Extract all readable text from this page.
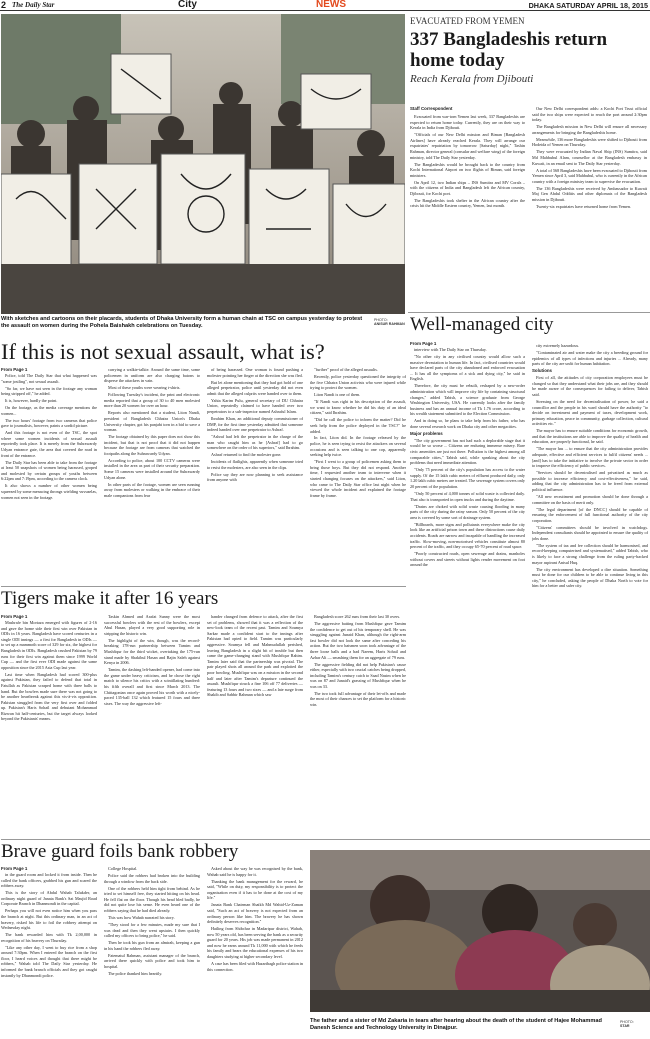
2 The Daily Star	City	NEWS	DHAKA SATURDAY APRIL 18, 2015
With sketches and cartoons on their placards, students of Dhaka University form a human chain at TSC on campus yesterday to protest the assault on women during the Pohela Baishakh celebrations on Tuesday.
PHOTO:
ANISUR RAHMAN
EVACUATED FROM YEMEN
337 Bangladeshis return home today
Reach Kerala from Djibouti
Staff Correspondent

Evacuated from war-torn Yemen last week, 337 Bangladeshis are expected to return home today. Currently, they are on their way to Kerala in India from Djibouti.

"Officials of our New Delhi mission and Biman [Bangladesh Airlines] have already reached Kerala. They will arrange our expatriates' repatriation by tomorrow [Saturday] night," Tashin Rahman, director general (consular and welfare wing) of the foreign ministry, told The Daily Star yesterday.

The Bangladeshis would be brought back to the country from Kochi International Airport on two flights of Biman, said foreign ministers.

On April 12, two Indian ships – INS Sumitra and MV Corals – with the citizens of India and Bangladesh left the African country, Djibouti, for Kochi port.

The Bangladeshis took shelter in the African country after the crisis hit the Middle Eastern country, Yemen, last month.

Our New Delhi correspondent adds: a Kochi Port Trust official said the two ships were expected to reach the port around 2:30pm today.

The Bangladesh mission in New Delhi will ensure all necessary arrangements for bringing the Bangladeshis home.

Meanwhile, 136 more Bangladeshis were shifted to Djibouti from Hodeida of Yemen on Thursday.

They were evacuated by Indian Naval Ship (INS) Sumitra, said Md Mahbubul Alam, counsellor at the Bangladesh embassy in Kuwait, in an email sent to The Daily Star yesterday.

A total of 568 Bangladeshis have been evacuated to Djibouti from Yemen since April 3, said Mahbubul, who is currently in the African country with a foreign ministry team to supervise the evacuation.

The 136 Bangladeshis were received by Ambassador to Kuwait Maj Gen Abdul Odditis and other diplomats of the Bangladesh mission in Djibouti.

Twenty-six expatriates have returned home from Yemen.

Well-managed city
From Page 1

interview with The Daily Star on Thursday.

"No other city in any civilised country would allow such a massive devastation to human life. In fact, civilised countries would have declared parts of the city abandoned and enforced evacuation ... It has all the symptoms of a sick and dying city," he said in English.

Therefore, the city must be rebuilt, reshaped by a new-order administration which will improve city life by containing structural changes," added Tabish, a science graduate from George Washington University, USA. He currently looks after the family business and has an annual income of Tk 1.76 crore, according to his wealth statement submitted to the Election Commission.

And in doing so, he plans to take help from his father, who has done several research work on Dhaka city and other megacities.

Major problems

"The city government has not had such a deplorable stage that it would be so worse ... Citizens are enduring immense misery. Rare civic amenities are just not there. Pollution is the highest among all comparable cities," Tabish said, while speaking about the city problems that need immediate attention.

"Only 75 percent of the city's population has access to the water supply. Of the 15 lakh cubic meters of effluent produced daily, only 1.20 lakh cubic metres are treated. The sewerage system covers only 20 percent of the population.

"Only 50 percent of 4,000 tonnes of solid waste is collected daily. That also is transported in open trucks and during the daytime.

"Drains are choked with solid waste causing flooding in many parts of the city during the rainy season. Only 50 percent of the city area is covered by some sort of drainage system.

"Billboards, more signs and pollutants everywhere make the city look like an artificial prison town and these distractions cause daily accidents. Roads are narrow and incapable of handling the increased traffic. Slow-moving, non-motorised vehicles constitute almost 80 percent of the traffic, and they occupy 65-70 percent of road space.

"Poorly constructed roads, open sewerage and drains, manholes without covers and streets without lights render movement on foot around the

city extremely hazardous.

"Contaminated air and water make the city a breeding ground for epidemics of all types of infections and injuries ... Already, many parts of the city are unfit for human habitation.

Solutions

First of all, the attitudes of city corporation employees must be changed so that they understand what their jobs are, and they should be made aware of the consequences for failing to deliver, Tabish said.

Stressing on the need for decentralisation of power, he said a councillor and the people in his ward should have the authority "to decide on investment and payment of taxes, development work, primary education, peace in community, garbage collection, cultural activities etc."

The mayor has to ensure suitable conditions for economic growth, and that the institutions are able to improve the quality of health and education, are properly functional, he said.

"The mayor has ... to ensure that the city administration provides adequate, effective and efficient services to fulfil citizens' needs ... [and] has to take the initiative to involve the private sector in order to improve the efficiency of public services.

"Services should be decentralised and privatised as much as possible to increase efficiency and cost-effectiveness," he said, adding that the city administration has to be freed from external political influence.

"All new recruitment and promotion should be done through a committee on the basis of merit only.

"The legal department [of the DNCC] should be capable of ensuring the enforcement of full functional authority of the city corporation.

"Citizens' committees should be involved in watchdogs. Independent consultants should be appointed to ensure the quality of jobs done.

"The system of tax and fee collection should be harmonised, and record-keeping computerised and systematised," added Tabish, who is likely to face a strong challenge from the ruling party-backed mayor aspirant Anisul Huq.

The city environment has developed a dire situation. Something must be done for our children to be able to continue living in this city," he concluded, asking the people of Dhaka North to vote for him for a better and safer city.

If this is not sexual assault, what is?
From Page 1

Police, told The Daily Star that what happened was "some jostling", not sexual assault.

"So far, we have not seen in the footage any woman being stripped off," he added.

It is, however, hardly the point.

On the footage, as the media coverage mentions the women...

The two hours' footage from two cameras that police gave to journalists, however, paints a sordid picture.

And this footage is not even of the TSC, the spot where some women incidents of sexual assault reportedly took place. It is merely from the Suhrawardy Udyan entrance gate, the area that covered the road in front of the entrance.

The Daily Star has been able to take from the footage at least 50 snapshots of women being harassed, groped and molested by certain groups of youths between 6:22pm and 7:19pm, according to the camera clock.

It also shows a number of other women being squeezed by some menacing throngs wielding vuvuzelas, women not seen in the footage.

carrying a walkie-talkie. Around the same time, some policemen in uniform are also charging batons to disperse the attackers in vain.

Most of these youths were wearing t-shirts.

Following Tuesday's incident, the print and electronic media reported that a group of 30 to 40 men molested more than 20 women for over an hour.

Reports also mentioned that a student, Liton Nandi, president of Bangladesh Chhatra Union's Dhaka University chapter, got his panjabi torn in a bid to save a woman.

The footage obtained by this paper does not show this incident, but that is not proof that it did not happen because the footage are from cameras that watched the footpaths along the Suhrawardy Udyan.

According to police, about 100 CCTV cameras were installed in the area as part of their security preparation. Some 15 cameras were installed around the Suhrawardy Udyan alone.

In other parts of the footage, women are seen running away from molesters or walking in the embrace of their male companions from fear

of being harassed. One woman is found pushing a molester pointing her finger at the direction she was fled.

But let alone mentioning that they had got hold of one alleged perpetrator, police until yesterday did not even admit that the alleged culprits were handed over to them.

Yahia Karim Pulu, general secretary of DU Chhatra Union, repeatedly claimed to have handed over two perpetrators to a sub-inspector named Ashraful Islam.

Ibrahim Khan, an additional deputy commissioner of DMP, for the first time yesterday admitted that someone indeed handed over one perpetrator to Ashraf.

"Ashraf had left the perpetrator in the charge of the man who caught him as he [Ashraf] had to go somewhere on the order of his superiors," said Ibrahim.

Ashraf returned to find the molester gone.

Incidents of flatlights, apparently when someone tried to resist the molesters, are also seen in the clips.

Police say they are now planning to seek assistance from anyone with

"further" proof of the alleged assaults.

Recently, police yesterday questioned the integrity of the five Chhatra Union activists who were injured while trying to protect the women.

Liton Nandi is one of them.

"If Nandi was right in his description of the assault, we want to know whether he did his duty of an ideal citizen," said Ibrahim.

"Did he call the police to inform the matter? Did he seek help from the police deployed in the TSC?" he added.

In fact, Liton did. In the footage released by the police, he is seen trying to resist the attackers on several occasions and is seen talking to one cop, apparently seeking help twice.

"First I went to a group of policemen asking them to bring those boys. But they did not respond. Another time, I requested another team to intervene when it started changing focuses on the attackers," said Liton, who came to The Daily Star office last night when he viewed the whole incident and explained the footage frame by frame.

Tigers make it after 16 years
From Page 1

Mashrafe bin Mortaza emerged with figures of 2-16 and gave the home side their first win over Pakistan in ODIs in 16 years. Bangladesh have scored centuries in a single ODI innings — a first for Bangladesh in ODIs — to set up a mammoth score of 329 for six, the highest for Bangladesh in ODIs. Bangladesh crushed Pakistan by 79 runs for their first win against them since 1999 World Cup — and the first ever ODI made against the same opposition since the 2015 Asia Cup last year.

Last time when Bangladesh had scored 300-plus against Pakistan, they failed to defend that total in Fatullah as Pakistan scraped home with three balls to hand. But the bowlers made sure there was not going to be another heartbreak against this vis-à-vis opposition. Pakistan struggled from the very first over and folded up. Pakistan's Haris Sohail and debutant Mohammad Rizwan hit half-centuries, but the target always looked beyond the Pakistanis' means.

Taskin Ahmed and Arafat Sunny were the most successful bowlers with the rest of the bowlers, except Abul Hasan, played a very good supporting role in stripping the historic win.

The highlight of the win, though, was the record-breaking 178-run partnership between Tamim and Mushfiqur for the third wicket, overtaking the 175-run stand made by Shakibul Hasan and Rajin Saleh against Kenya in 2006.

Tamim, the dashing left-handed opener, had come into the game under heavy criticism, and he chose the right match to silence his critics with a scintillating hundred: his fifth overall and first since March 2013. The Chittagonian once again proved his worth with a nicely-paced 135-ball 132 which featured 15 fours and three sixes. The way the aggressive left-

hander changed from defence to attack, after the first set of problems, showed that it was a reflection of the new-look team of the recent past. Tamim and Soumya Sarkar made a confident start to the innings after Pakistan had opted to field. Tamim was particularly aggressive. Soumya fell and Mahmudullah perished, leaving Bangladesh in a slight bit of trouble but then came the game-changing stand with Mushfiqur Rahim. Tamim later said that the partnership was pivotal. The pair played shots all around the park and exploited the poor bowling. Mushfiqur was on a mission in the second half and later after Tamim's departure continued the assault. Mushfiqur struck a fine 106 off 77 deliveries — featuring 13 fours and two sixes — and a late surge from Shakib and Sabbir Rahman which saw

Bangladesh score 262 runs from their last 30 overs.

The aggressive batting from Mushfiqur gave Tamim the confidence to get out of his temporary shell. He was struggling against Junaid Khan, although the right-arm fast bowler did not look the same after conceding his action. But the two batsmen soon took advantage of the three loose balls and a bad Naeem, Haris Sohail and Azhar Ali — smashing them for an aggregate of 79 runs.

The aggressive fielding did not help Pakistan's cause either, especially with two crucial catches being dropped, including Tamim's century catch to Saad Nasim when he was on 87 and Junaid's grassing of Mushfiqur when he was on 33.

The two took full advantage of their let-offs and made the most of their chances to set the platform for a historic win.

Brave guard foils bank robbery
From Page 1

in the guard room and locked it from inside. Then he called the bank officers, grabbed his gun and scared the robbers away.

This is the story of Abdul Wahab Talukder, an ordinary night guard of Janata Bank's Sat Masjid Road Corporate Branch in Dhanmondi in the capital.

Perhaps you will not even notice him when you pass the branch at night. But this ordinary man, in an act of bravery, risked his life to foil the robbery attempt on Wednesday night.

The bank rewarded him with Tk 2,00,000 in recognition of his bravery on Thursday.

"Like any other day, I went to buy rice from a shop around 7:30pm. When I entered the branch on the first floor, I heard voices and thought that there might be robbers," Wahab told The Daily Star yesterday. He informed the bank branch officials and they got caught instantly by Dhanmondi police.

College Hospital.

Police said the robbers had broken into the building through a window from the back side.

One of the robbers held him tight from behind. As he tried to set himself free, they started hitting on his head. He fell flat on the floor. Though his head bled badly, he did not quite lose his sense. He even heard one of the robbers saying that he had died already.

This was how Wahab narrated his story.

"They stood for a few minutes, made my sure that I was dead and then they went upstairs. I then quickly called my officers to bring police," he said.

Then he took his gun from an almirah, keeping a gun in his hand the robbers fled away.

Fatematul Rahman, assistant manager of the branch, arrived there quickly with police and took him to hospital.

The police thanked him heartily.

Asked about the way he was recognised by the bank, Wahab said he is happy for it.

Thanking the bank management for the reward, he said, "While on duty, my responsibility is to protect the organisation even if it has to be done at the cost of my life."

Janata Bank Chairman Shaikh Md Wahid-Uz-Zaman said, "Such an act of bravery is not expected from an ordinary person like him. The bravery he has shown definitely deserves recognition."

Hailing from Shibchar in Madaripur district, Wahab, now 50 years old, has been serving the bank as a security guard for 20 years. His job was made permanent in 2012 and now he earns around Tk 11,000 with which he feeds his family and bears the educational expenses of his two daughters studying at higher secondary level.

A case has been filed with Hazaribagh police station in this connection.

The father and a sister of Md Zakaria in tears after hearing about the death of the student of Hajee Mohammad Danesh Science and Technology University in Dinajpur.
PHOTO:
STAR
